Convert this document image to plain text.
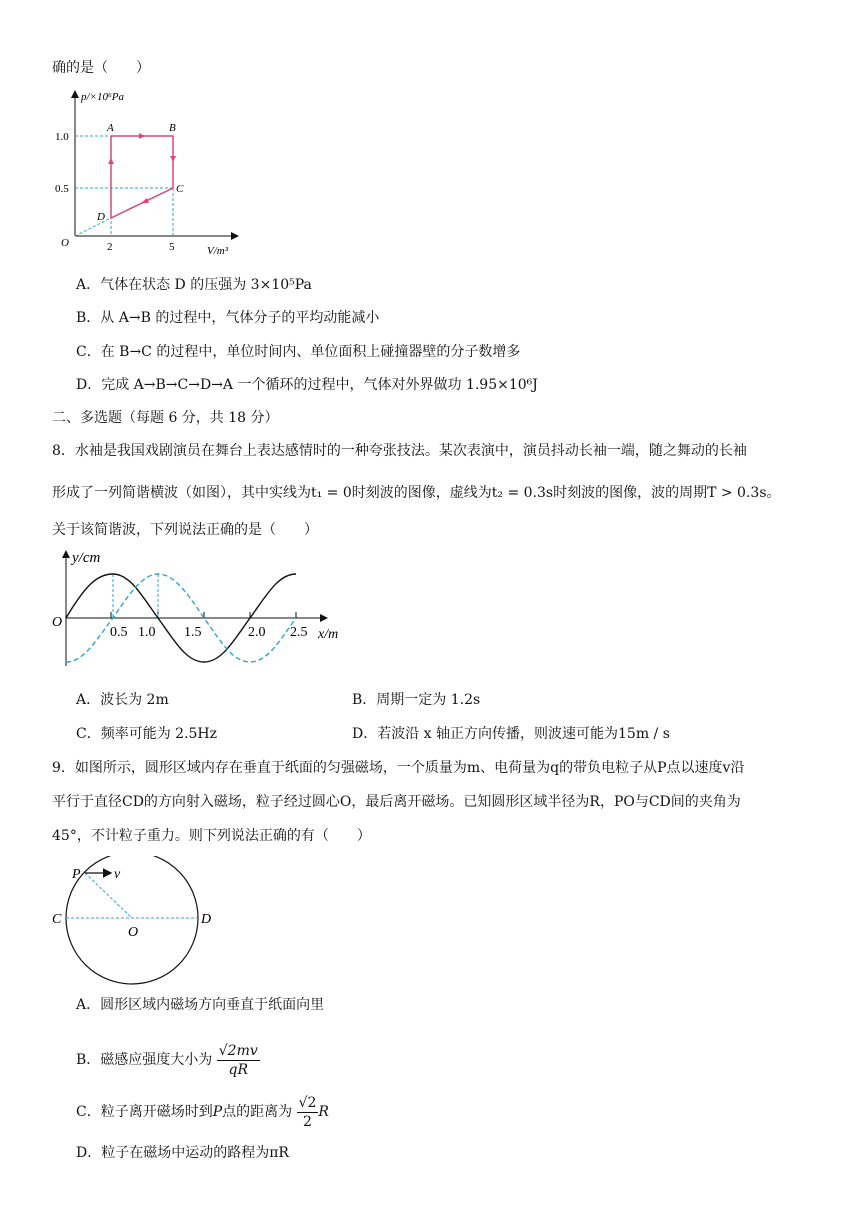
确的是（　　）
p/×10⁶Pa
V/m³
O
1.0
0.5
2	5
A	B
C
D
A．气体在状态 D 的压强为 3×10⁵Pa
B．从 A→B 的过程中，气体分子的平均动能减小
C．在 B→C 的过程中，单位时间内、单位面积上碰撞器壁的分子数增多
D．完成 A→B→C→D→A 一个循环的过程中，气体对外界做功 1.95×10⁶J
二、多选题（每题 6 分，共 18 分）
8．水袖是我国戏剧演员在舞台上表达感情时的一种夸张技法。某次表演中，演员抖动长袖一端，随之舞动的长袖
形成了一列简谐横波（如图），其中实线为t₁ = 0时刻波的图像，虚线为t₂ = 0.3s时刻波的图像，波的周期T > 0.3s。
关于该简谐波，下列说法正确的是（　　）
y/cm
O
x/m
0.5 1.0 1.5	2.0 2.5
A．波长为 2m	B．周期一定为 1.2s
C．频率可能为 2.5Hz	D．若波沿 x 轴正方向传播，则波速可能为15m / s
9．如图所示，圆形区域内存在垂直于纸面的匀强磁场，一个质量为m、电荷量为q的带负电粒子从P点以速度v沿
平行于直径CD的方向射入磁场，粒子经过圆心O，最后离开磁场。已知圆形区域半径为R，PO与CD间的夹角为
45°，不计粒子重力。则下列说法正确的有（　　）
P v
C	D
O
A．圆形区域内磁场方向垂直于纸面向里
B．磁感应强度大小为 $\frac{√2mv}{qR}$
C．粒子离开磁场时到P点的距离为 $\frac{√2}{2}$ R
D．粒子在磁场中运动的路程为πR
